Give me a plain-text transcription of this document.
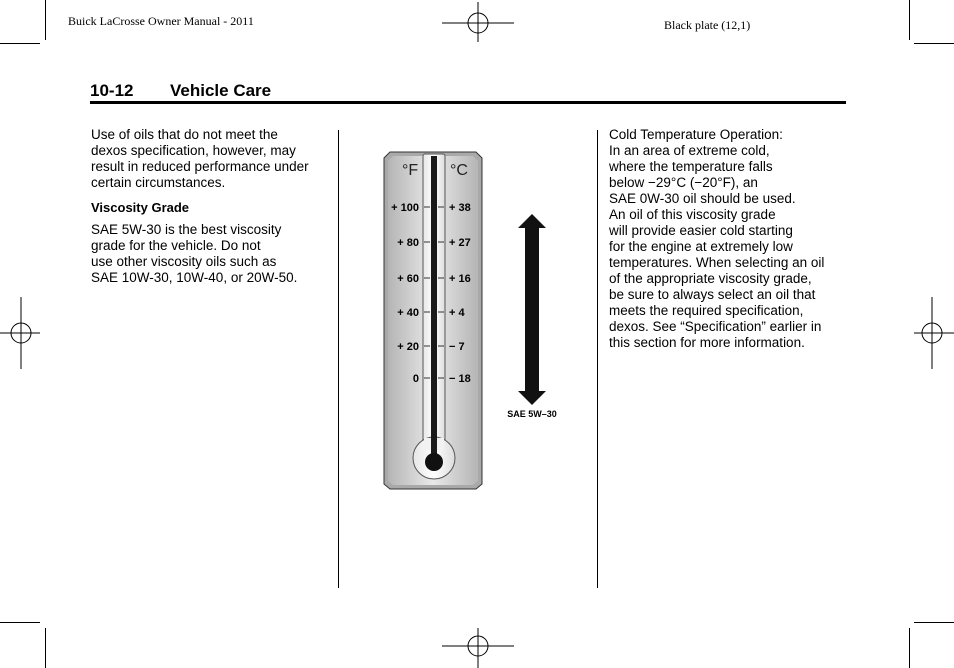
Buick LaCrosse Owner Manual - 2011	Black plate (12,1)
10-12 Vehicle Care

Use of oils that do not meet the

dexos specification, however, may

result in reduced performance under

certain circumstances.

Viscosity Grade

SAE 5W-30 is the best viscosity

grade for the vehicle. Do not

use other viscosity oils such as

SAE 10W-30, 10W-40, or 20W-50.

°F °C
+ 100
+ 80
+ 60
+ 40
+ 20
0
+ 38
+ 27
+ 16
+ 4
− 7
− 18
SAE 5W–30

Cold Temperature Operation:

In an area of extreme cold,

where the temperature falls

below −29°C (−20°F), an

SAE 0W-30 oil should be used.

An oil of this viscosity grade

will provide easier cold starting

for the engine at extremely low

temperatures. When selecting an oil

of the appropriate viscosity grade,

be sure to always select an oil that

meets the required specification,

dexos. See “Specification” earlier in

this section for more information.
